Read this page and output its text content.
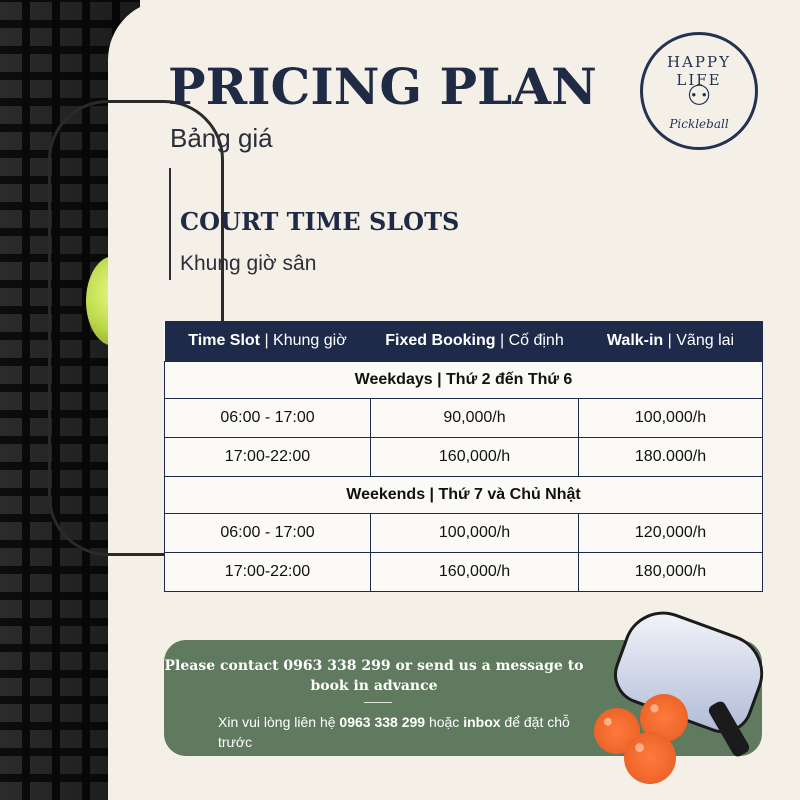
PRICING PLAN

Bảng giá

COURT TIME SLOTS

Khung giờ sân

HAPPY LIFE
⚇
Pickleball
Time Slot | Khung giờ	Fixed Booking | Cố định	Walk-in | Vãng lai
Weekdays | Thứ 2 đến Thứ 6		
06:00 - 17:00	90,000/h	100,000/h
17:00-22:00	160,000/h	180.000/h
Weekends | Thứ 7 và Chủ Nhật		
06:00 - 17:00	100,000/h	120,000/h
17:00-22:00	160,000/h	180,000/h

Please contact 0963 338 299 or send us a message to book in advance

Xin vui lòng liên hệ 0963 338 299 hoặc inbox để đặt chỗ trước
